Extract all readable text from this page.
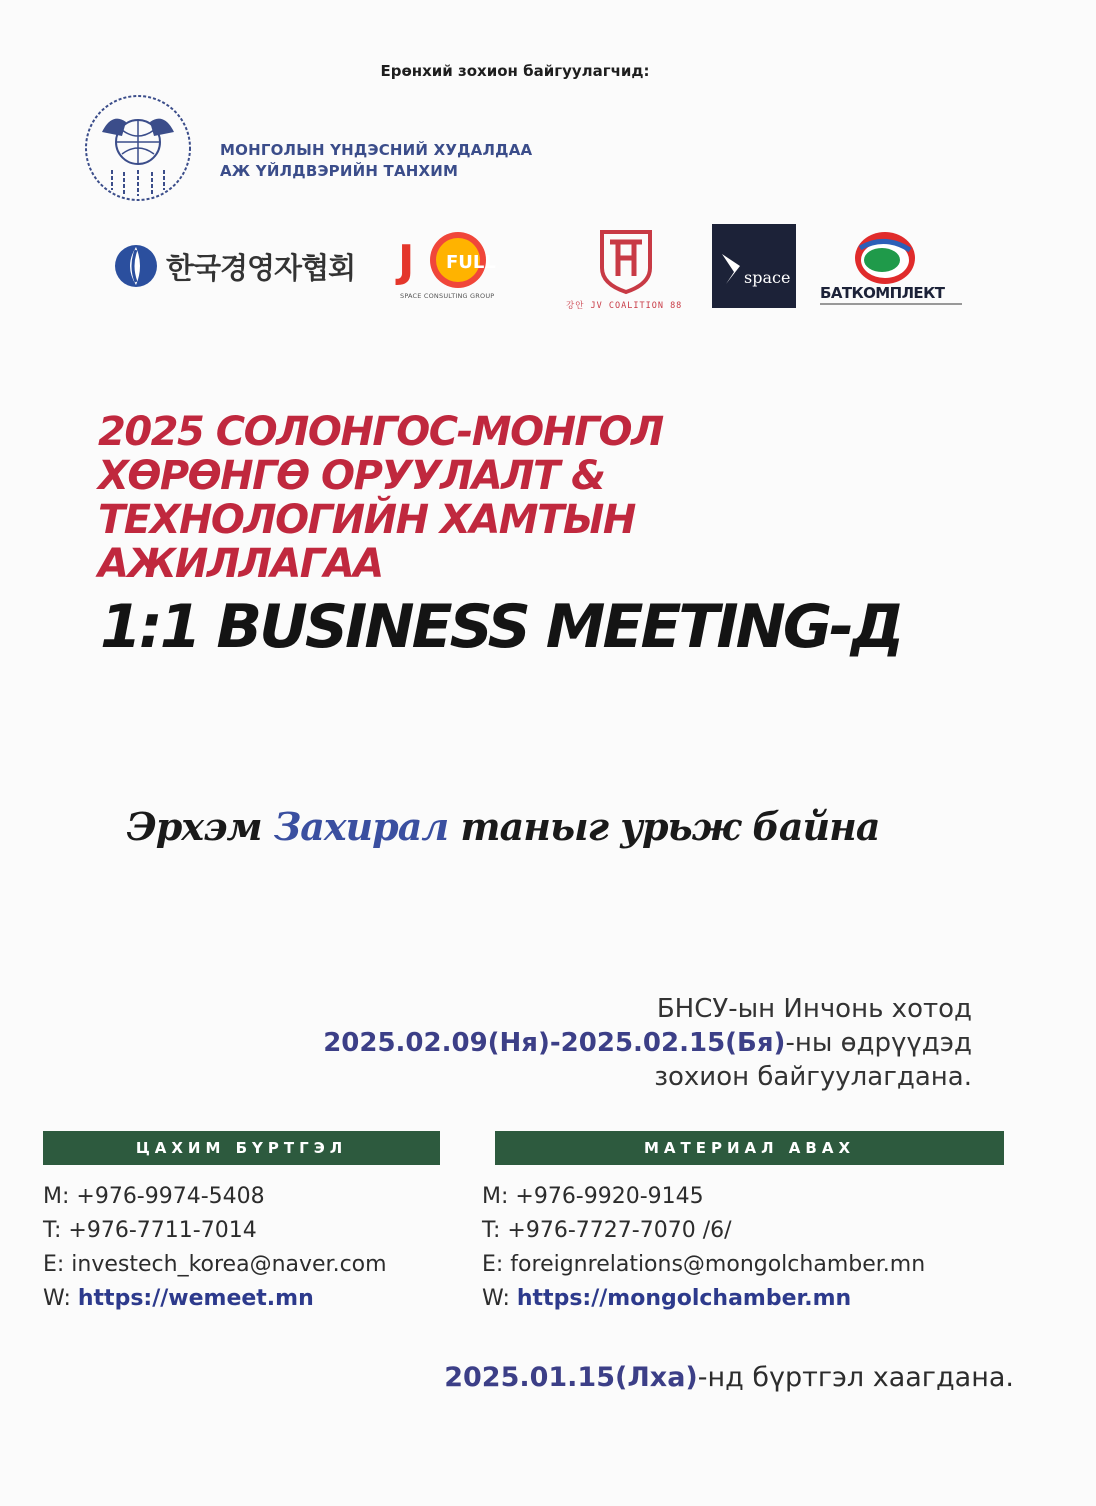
Ерөнхий зохион байгуулагчид:
МОНГОЛЫН ҮНДЭСНИЙ ХУДАЛДАА
АЖ ҮЙЛДВЭРИЙН ТАНХИМ
한국경영자협회 J FULL
SPACE CONSULTING GROUP
강안 JV COALITION 88
space
БАТКОМПЛЕКТ
2025 СОЛОНГОС-МОНГОЛ
ХӨРӨНГӨ ОРУУЛАЛТ &
ТЕХНОЛОГИЙН ХАМТЫН
АЖИЛЛАГАА
1:1 BUSINESS MEETING-Д
Эрхэм Захирал таныг урьж байна
БНСУ-ын Инчонь хотод
2025.02.09(Ня)-2025.02.15(Бя)-ны өдрүүдэд
зохион байгуулагдана.
ЦАХИМ БҮРТГЭЛ	МАТЕРИАЛ АВАХ
M: +976-9974-5408
T: +976-7711-7014
E: investech_korea@naver.com
W: https://wemeet.mn
M: +976-9920-9145
T: +976-7727-7070 /6/
E: foreignrelations@mongolchamber.mn
W: https://mongolchamber.mn
2025.01.15(Лха)-нд бүртгэл хаагдана.
